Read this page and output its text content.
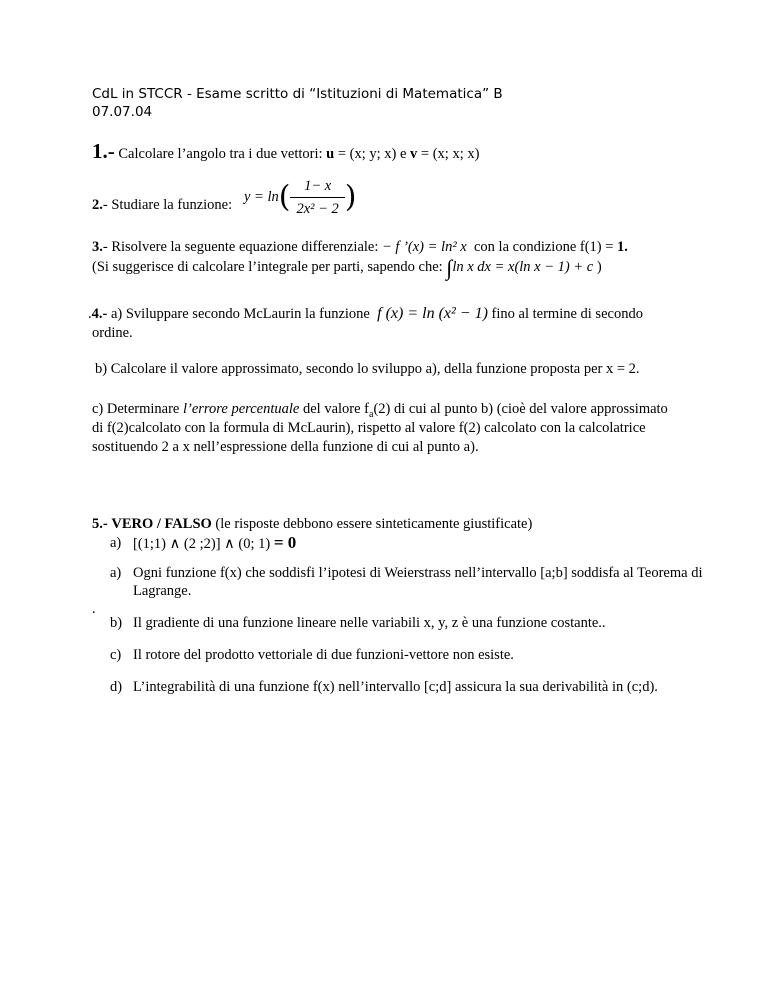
CdL in STCCR - Esame scritto di “Istituzioni di Matematica” B
07.07.04
1.- Calcolare l’angolo tra i due vettori: u = (x; y; x) e v = (x; x; x)
2.- Studiare la funzione:
$y = \ln( \frac{1- x}{\text{2x² − 2}}$ )
3.- Risolvere la seguente equazione differenziale: − f ’(x) = ln² x con la condizione f(1) = 1.
(Si suggerisce di calcolare l’integrale per parti, sapendo che: ∫ln x dx = x(ln x − 1) + c )
.4.- a) Sviluppare secondo McLaurin la funzione f (x) = ln (x² − 1) fino al termine di secondo
ordine.
b) Calcolare il valore approssimato, secondo lo sviluppo a), della funzione proposta per x = 2.
c) Determinare l’errore percentuale del valore $f_a(2)$ di cui al punto b) (cioè del valore approssimato
di f(2)calcolato con la formula di McLaurin), rispetto al valore f(2) calcolato con la calcolatrice
sostituendo 2 a x nell’espressione della funzione di cui al punto a).
5.- VERO / FALSO (le risposte debbono essere sinteticamente giustificate)
a) [(1;1) ∧ (2 ;2)] ∧ (0; 1) = 0
a) Ogni funzione f(x) che soddisfi l’ipotesi di Weierstrass nell’intervallo [a;b] soddisfa al Teorema di Lagrange.
.
b) Il gradiente di una funzione lineare nelle variabili x, y, z è una funzione costante..
c) Il rotore del prodotto vettoriale di due funzioni-vettore non esiste.
d) L’integrabilità di una funzione f(x) nell’intervallo [c;d] assicura la sua derivabilità in (c;d).
